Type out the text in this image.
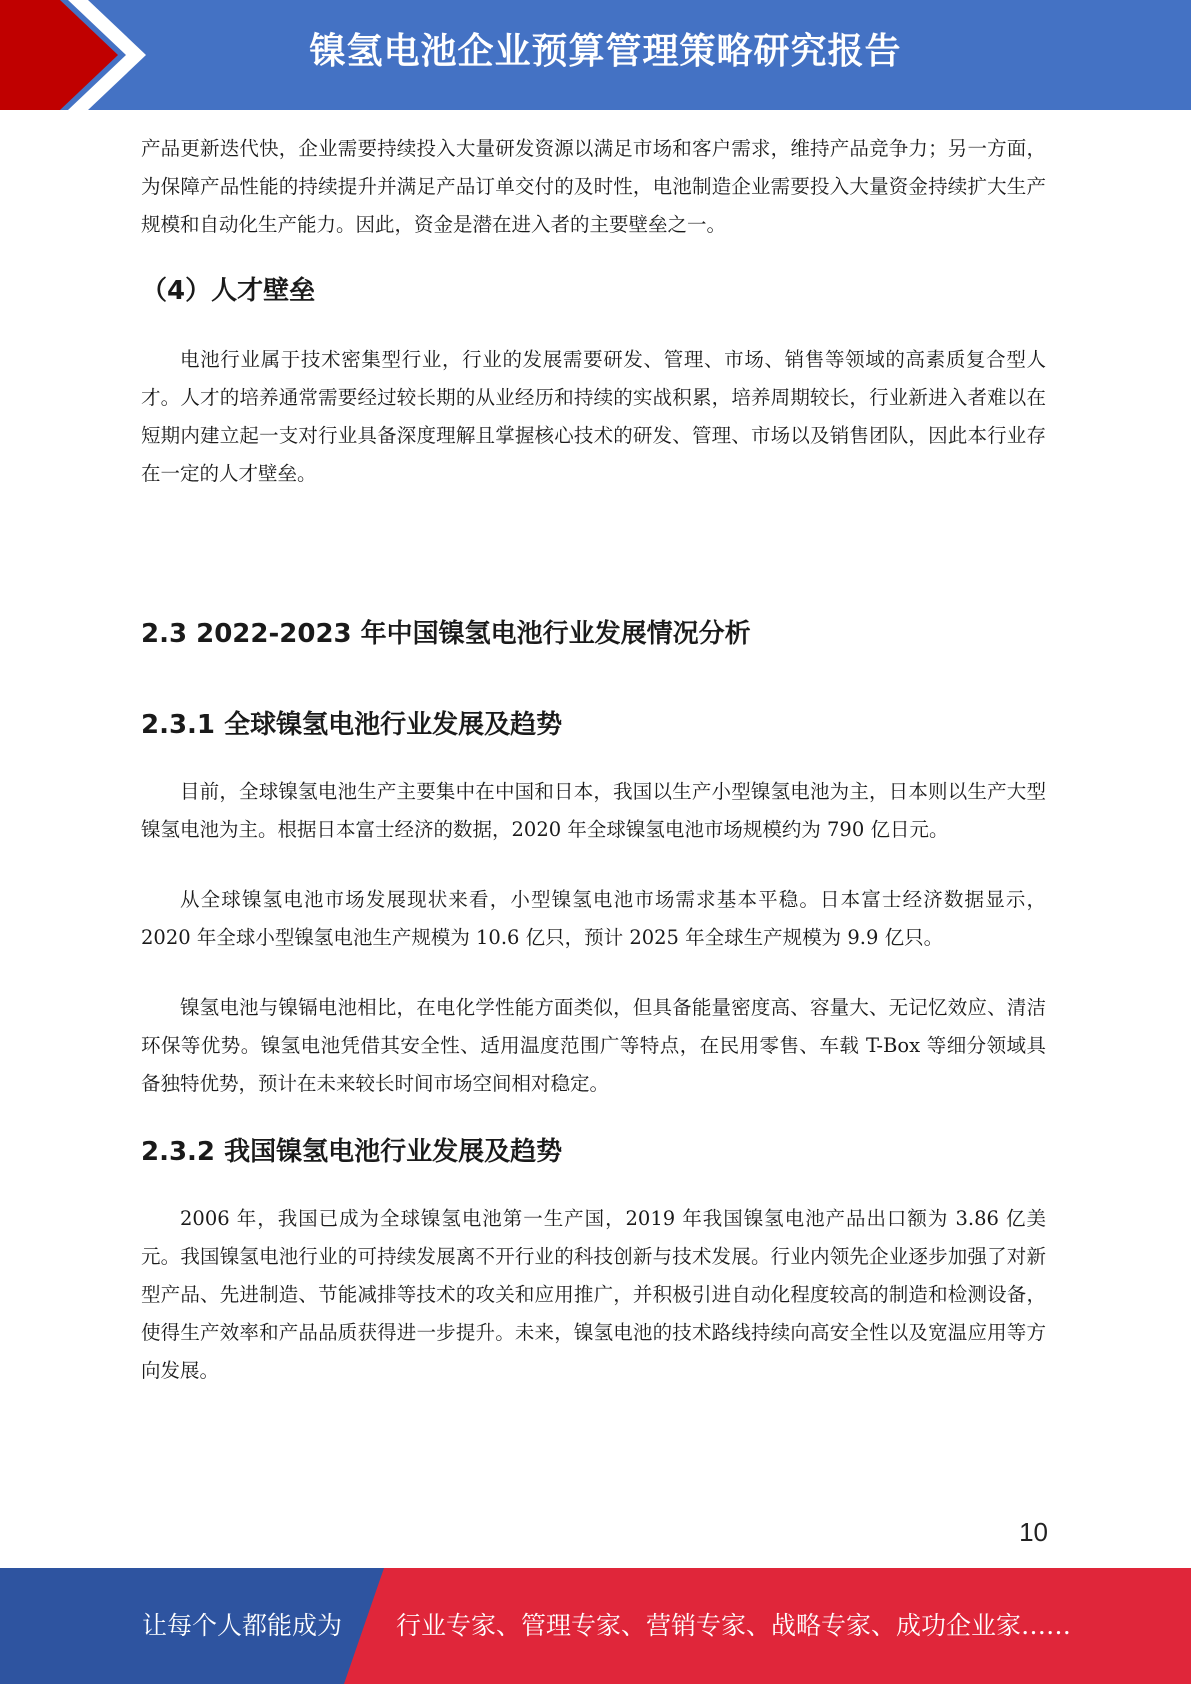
镍氢电池企业预算管理策略研究报告

产品更新迭代快，企业需要持续投入大量研发资源以满足市场和客户需求，维持产品竞争力；另一方面，为保障产品性能的持续提升并满足产品订单交付的及时性，电池制造企业需要投入大量资金持续扩大生产规模和自动化生产能力。因此，资金是潜在进入者的主要壁垒之一。

（4）人才壁垒

电池行业属于技术密集型行业，行业的发展需要研发、管理、市场、销售等领域的高素质复合型人才。人才的培养通常需要经过较长期的从业经历和持续的实战积累，培养周期较长，行业新进入者难以在短期内建立起一支对行业具备深度理解且掌握核心技术的研发、管理、市场以及销售团队，因此本行业存在一定的人才壁垒。

2.3 2022-2023 年中国镍氢电池行业发展情况分析
2.3.1 全球镍氢电池行业发展及趋势

目前，全球镍氢电池生产主要集中在中国和日本，我国以生产小型镍氢电池为主，日本则以生产大型镍氢电池为主。根据日本富士经济的数据，2020 年全球镍氢电池市场规模约为 790 亿日元。

从全球镍氢电池市场发展现状来看，小型镍氢电池市场需求基本平稳。日本富士经济数据显示，2020 年全球小型镍氢电池生产规模为 10.6 亿只，预计 2025 年全球生产规模为 9.9 亿只。

镍氢电池与镍镉电池相比，在电化学性能方面类似，但具备能量密度高、容量大、无记忆效应、清洁环保等优势。镍氢电池凭借其安全性、适用温度范围广等特点，在民用零售、车载 T-Box 等细分领域具备独特优势，预计在未来较长时间市场空间相对稳定。

2.3.2 我国镍氢电池行业发展及趋势

2006 年，我国已成为全球镍氢电池第一生产国，2019 年我国镍氢电池产品出口额为 3.86 亿美元。我国镍氢电池行业的可持续发展离不开行业的科技创新与技术发展。行业内领先企业逐步加强了对新型产品、先进制造、节能减排等技术的攻关和应用推广，并积极引进自动化程度较高的制造和检测设备，使得生产效率和产品品质获得进一步提升。未来，镍氢电池的技术路线持续向高安全性以及宽温应用等方向发展。

10
让每个人都能成为 行业专家、管理专家、营销专家、战略专家、成功企业家……
